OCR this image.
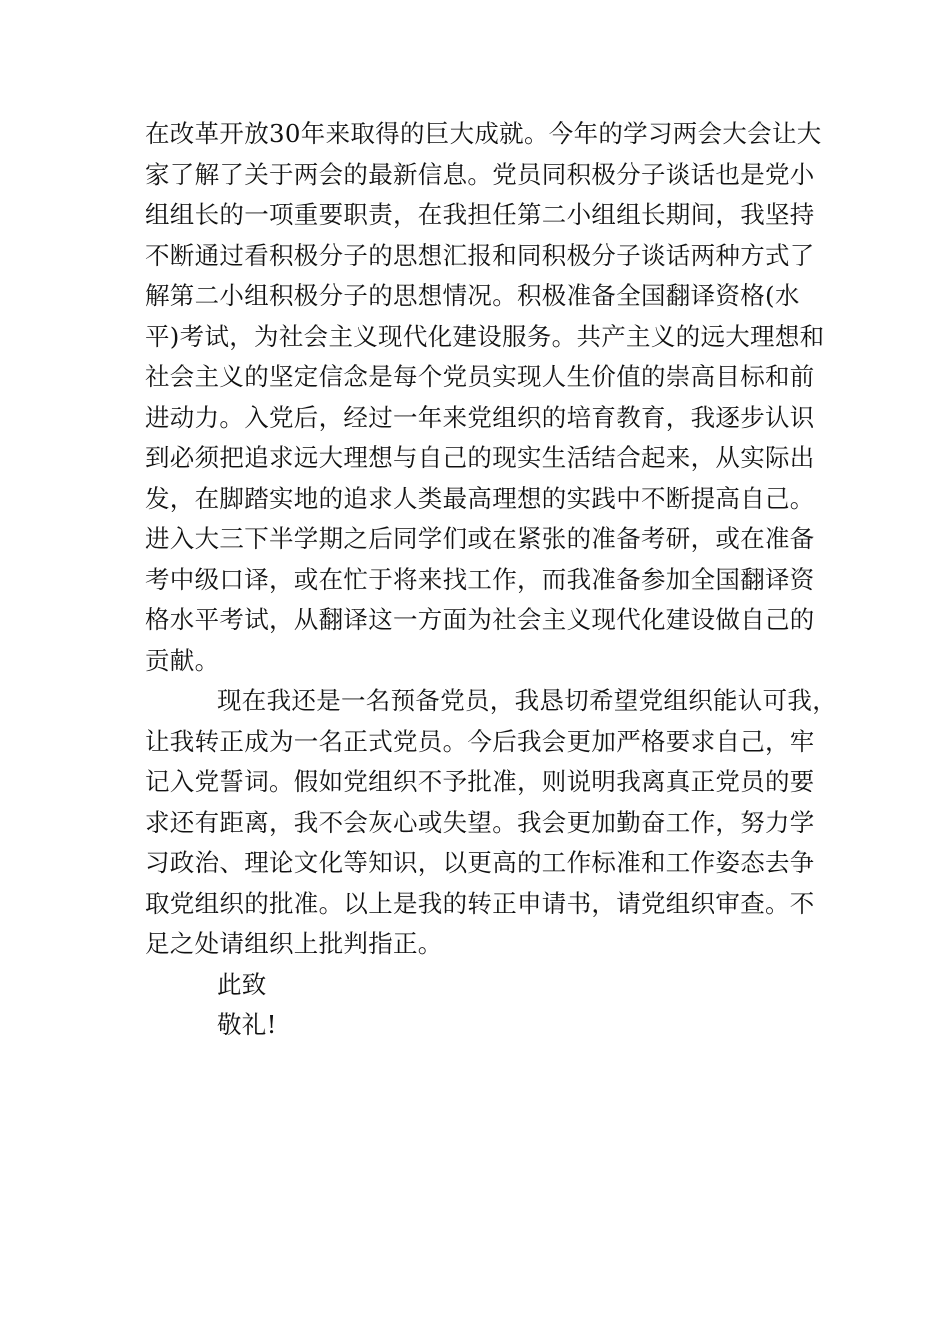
在改革开放30年来取得的巨大成就。今年的学习两会大会让大
家了解了关于两会的最新信息。党员同积极分子谈话也是党小
组组长的一项重要职责，在我担任第二小组组长期间，我坚持
不断通过看积极分子的思想汇报和同积极分子谈话两种方式了
解第二小组积极分子的思想情况。积极准备全国翻译资格(水
平)考试，为社会主义现代化建设服务。共产主义的远大理想和
社会主义的坚定信念是每个党员实现人生价值的崇高目标和前
进动力。入党后，经过一年来党组织的培育教育，我逐步认识
到必须把追求远大理想与自己的现实生活结合起来，从实际出
发，在脚踏实地的追求人类最高理想的实践中不断提高自己。
进入大三下半学期之后同学们或在紧张的准备考研，或在准备
考中级口译，或在忙于将来找工作，而我准备参加全国翻译资
格水平考试，从翻译这一方面为社会主义现代化建设做自己的
贡献。
现在我还是一名预备党员，我恳切希望党组织能认可我，
让我转正成为一名正式党员。今后我会更加严格要求自己，牢
记入党誓词。假如党组织不予批准，则说明我离真正党员的要
求还有距离，我不会灰心或失望。我会更加勤奋工作，努力学
习政治、理论文化等知识，以更高的工作标准和工作姿态去争
取党组织的批准。以上是我的转正申请书，请党组织审查。不
足之处请组织上批判指正。
此致
敬礼!
